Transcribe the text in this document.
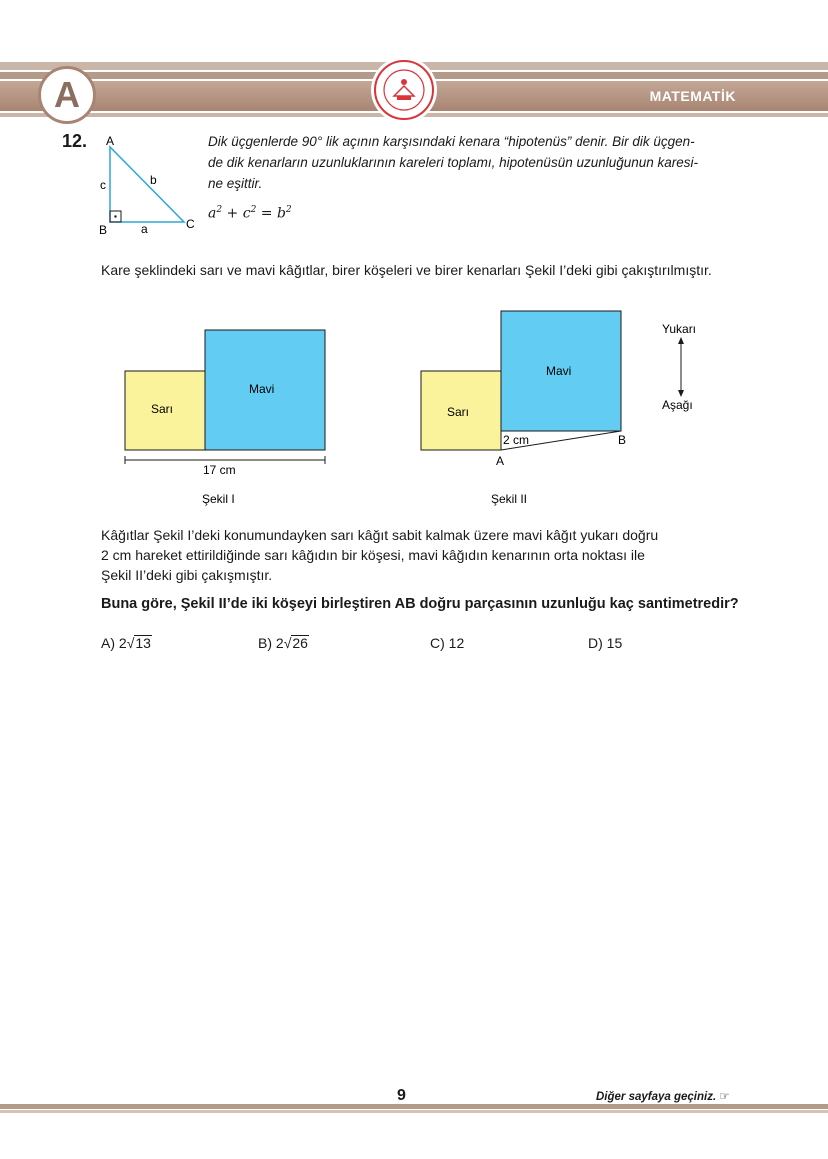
A	MATEMATİK
12. A
B	C
c	b
a
Dik üçgenlerde 90° lik açının karşısındaki kenara “hipotenüs” denir. Bir dik üçgen-
de dik kenarların uzunluklarının kareleri toplamı, hipotenüsün uzunluğunun karesi-
ne eşittir.
$a^2 + c^2 = b^2$
Kare şeklindeki sarı ve mavi kâğıtlar, birer köşeleri ve birer kenarları Şekil I’deki gibi çakıştırılmıştır.
Sarı
Mavi
17 cm
Şekil I
Sarı
Mavi
2 cm
A
B
Şekil II
Yukarı
Aşağı
Kâğıtlar Şekil I’deki konumundayken sarı kâğıt sabit kalmak üzere mavi kâğıt yukarı doğru
2 cm hareket ettirildiğinde sarı kâğıdın bir köşesi, mavi kâğıdın kenarının orta noktası ile
Şekil II’deki gibi çakışmıştır.
Buna göre, Şekil II’de iki köşeyi birleştiren AB doğru parçasının uzunluğu kaç santimetredir?
A) 2√13	B) 2√26	C) 12	D) 15
9	Diğer sayfaya geçiniz. ☞
